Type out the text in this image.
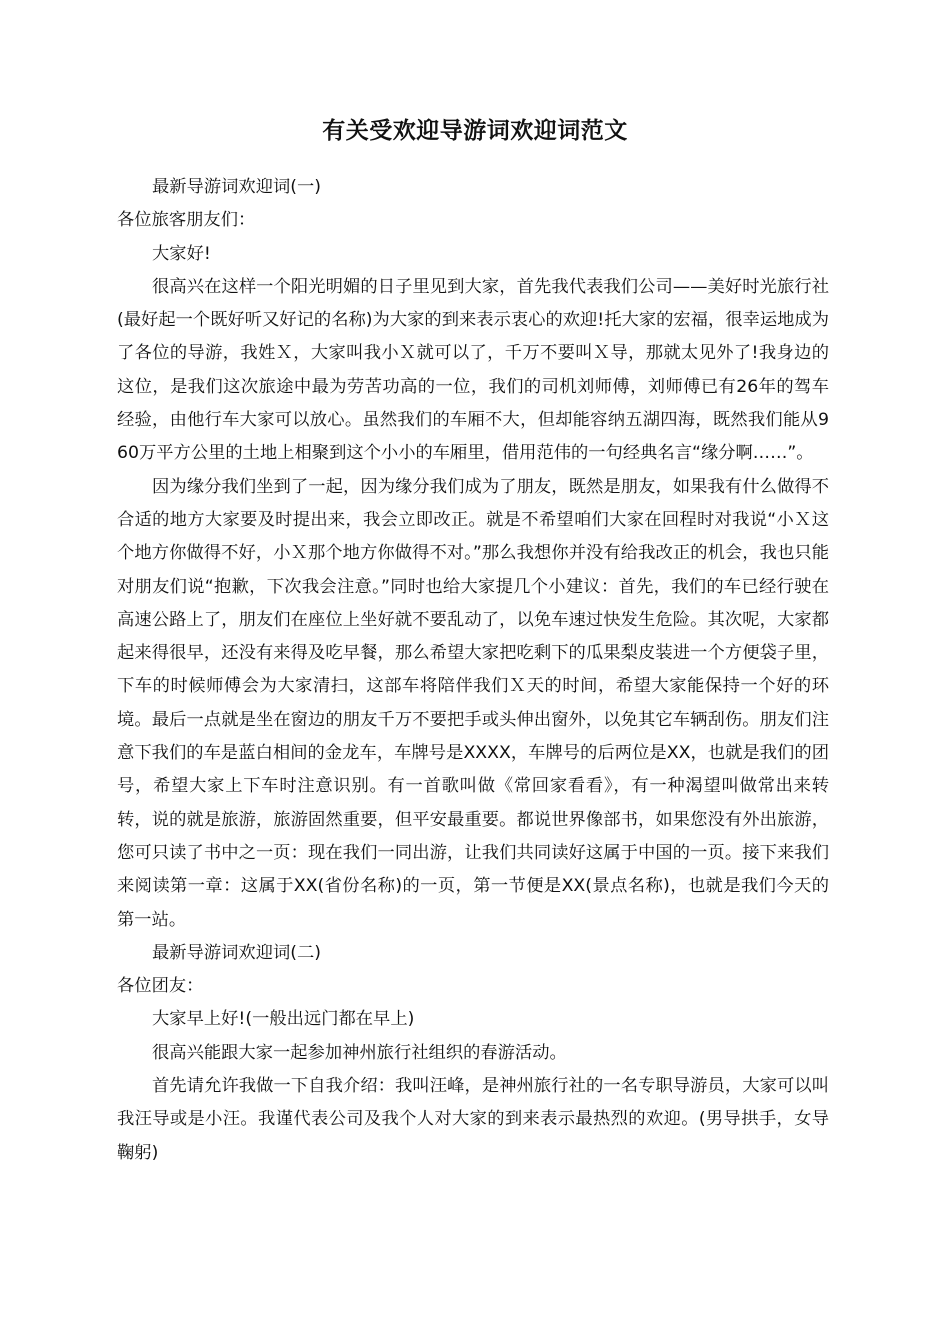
有关受欢迎导游词欢迎词范文

最新导游词欢迎词(一)

各位旅客朋友们：

大家好!

很高兴在这样一个阳光明媚的日子里见到大家，首先我代表我们公司——美好时光旅行社(最好起一个既好听又好记的名称)为大家的到来表示衷心的欢迎!托大家的宏福，很幸运地成为了各位的导游，我姓Ｘ，大家叫我小Ｘ就可以了，千万不要叫Ｘ导，那就太见外了!我身边的这位，是我们这次旅途中最为劳苦功高的一位，我们的司机刘师傅，刘师傅已有26年的驾车经验，由他行车大家可以放心。虽然我们的车厢不大，但却能容纳五湖四海，既然我们能从960万平方公里的土地上相聚到这个小小的车厢里，借用范伟的一句经典名言“缘分啊……”。

因为缘分我们坐到了一起，因为缘分我们成为了朋友，既然是朋友，如果我有什么做得不合适的地方大家要及时提出来，我会立即改正。就是不希望咱们大家在回程时对我说“小Ｘ这个地方你做得不好，小Ｘ那个地方你做得不对。”那么我想你并没有给我改正的机会，我也只能对朋友们说“抱歉，下次我会注意。”同时也给大家提几个小建议：首先，我们的车已经行驶在高速公路上了，朋友们在座位上坐好就不要乱动了，以免车速过快发生危险。其次呢，大家都起来得很早，还没有来得及吃早餐，那么希望大家把吃剩下的瓜果梨皮装进一个方便袋子里，下车的时候师傅会为大家清扫，这部车将陪伴我们Ｘ天的时间，希望大家能保持一个好的环境。最后一点就是坐在窗边的朋友千万不要把手或头伸出窗外，以免其它车辆刮伤。朋友们注意下我们的车是蓝白相间的金龙车，车牌号是XXXX，车牌号的后两位是XX，也就是我们的团号，希望大家上下车时注意识别。有一首歌叫做《常回家看看》，有一种渴望叫做常出来转转，说的就是旅游，旅游固然重要，但平安最重要。都说世界像部书，如果您没有外出旅游，您可只读了书中之一页：现在我们一同出游，让我们共同读好这属于中国的一页。接下来我们来阅读第一章：这属于XX(省份名称)的一页，第一节便是XX(景点名称)，也就是我们今天的第一站。

最新导游词欢迎词(二)

各位团友：

大家早上好!(一般出远门都在早上)

很高兴能跟大家一起参加神州旅行社组织的春游活动。

首先请允许我做一下自我介绍：我叫汪峰，是神州旅行社的一名专职导游员，大家可以叫我汪导或是小汪。我谨代表公司及我个人对大家的到来表示最热烈的欢迎。(男导拱手，女导鞠躬)
